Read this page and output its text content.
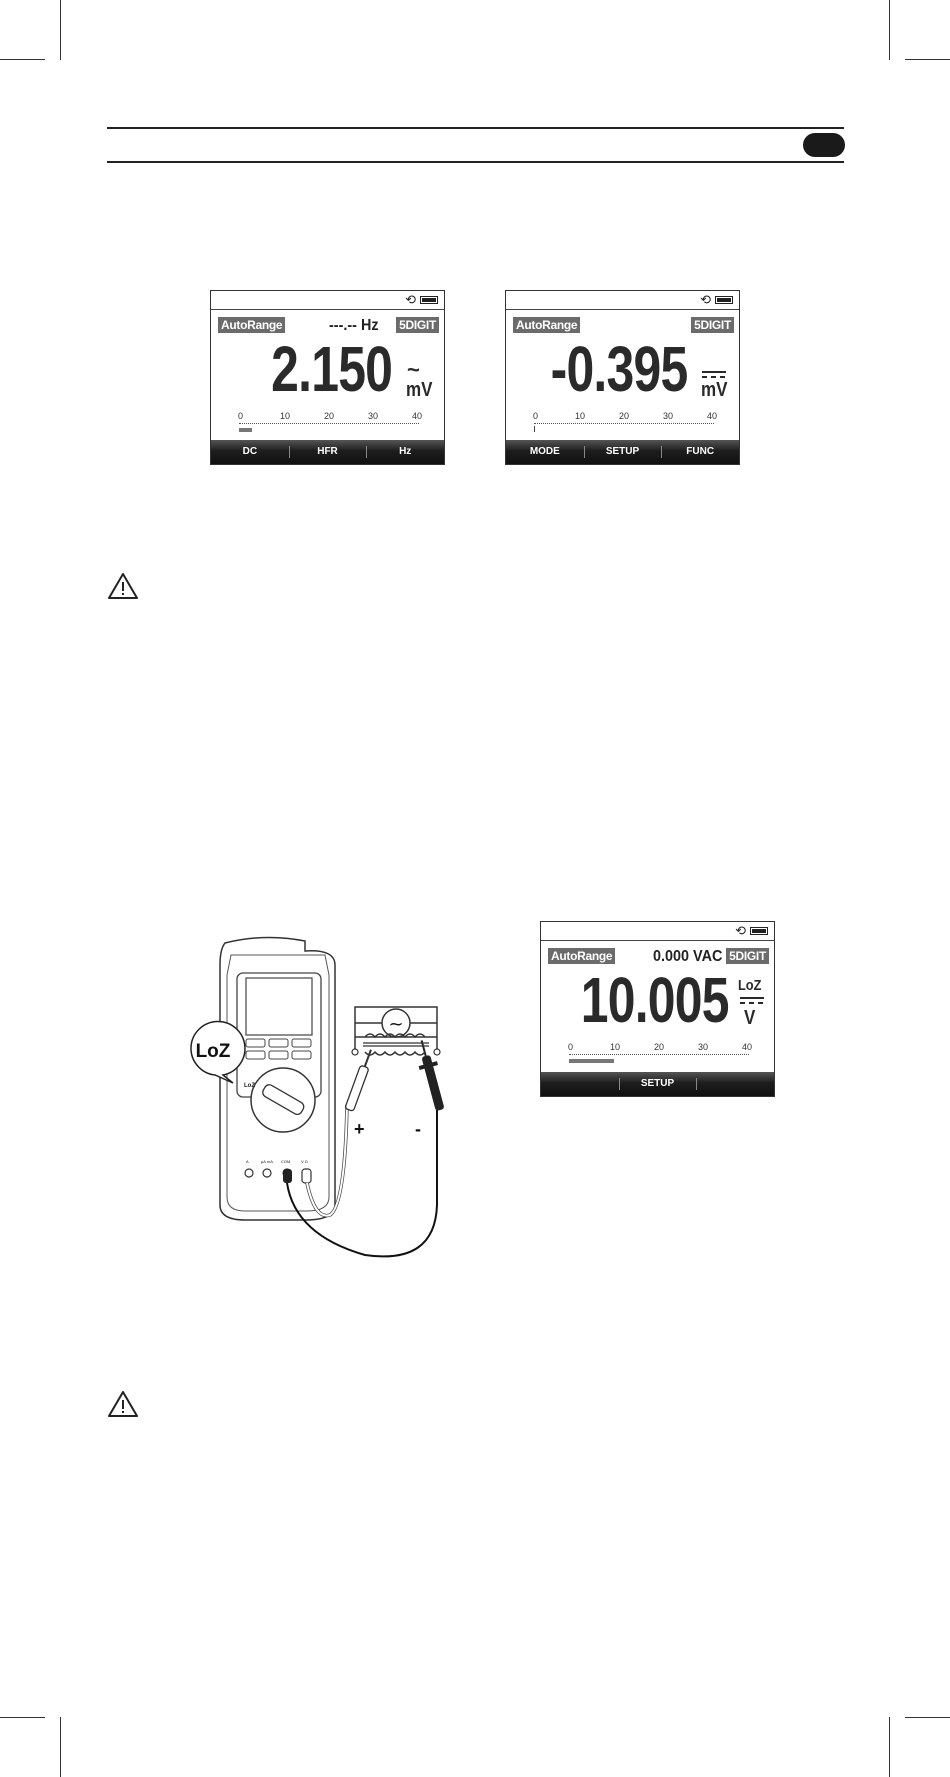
⟲
AutoRange	---.-- Hz 5DIGIT
2.150 ~
mV
0	10	20	30	40
DC	HFR	Hz
⟲
AutoRange	5DIGIT
-0.395 mV
0	10	20	30	40
MODE	SETUP	FUNC
LoZ
LoZ
A	µA mA COM	V Ω
+	-
~
⟲
AutoRange	0.000 VAC 5DIGIT
10.005 LoZ
V
0	10	20	30	40
SETUP
